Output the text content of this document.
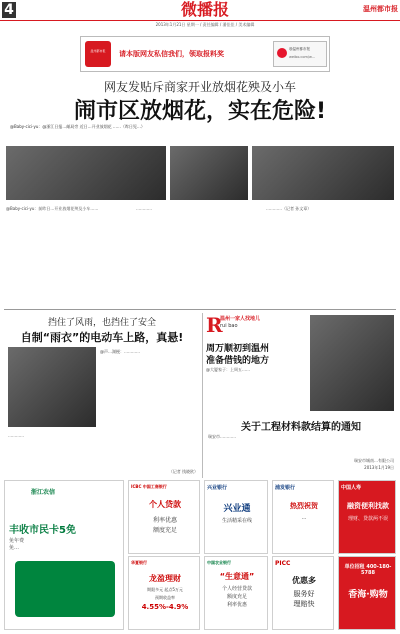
4	微播报	温州都市报
2013年1月21日 星期一 / 责任编辑 / 潘佳佳 / 美术编辑
温州都市报	请本版网友私信我们，领取报料奖
@温州都市报
weibo.com/w...
网友发贴斥商家开业放烟花殃及小车
闹市区放烟花，实在危险!
@Baby-cici-yu：@浙江日报…邮局旁 近日…开业放烟花 ……（昨日见…）
@Baby-cici-yu：前昨日…开业放烟花殃及小车……	…………	…………（记者 孙文章）
挡住了风雨，也挡住了安全
自制“雨衣”的电动车上路，真悬!
@声…湖梗：…………
…………
（记者 钱晓欧）
R
温州一家人找地儿
rui bao
周万顺初到温州
准备借钱的地方
@大厦家子：上周五……
关于工程材料款结算的通知
瑞安市…………
瑞安市城南…有限公司
2013年1月19日
浙江农信
丰收市民卡5免
免年费
免…
ICBC 中国工商银行
个人贷款
利率优惠
额度充足
华夏银行
龙盈理财
期限多元 起点5万元
预期收益率
4.55%-4.9%
兴业银行
兴业通
生活精采在线
中国农业银行
“生意通”
个人经营贷款
额度充足
利率优惠
浦发银行
热烈祝贺
…
PICC
优惠多
服务好
理赔快
中国人寿
融资便利找款
理财、贷款两不误
单位招租 400-180-5788
香海·购物
